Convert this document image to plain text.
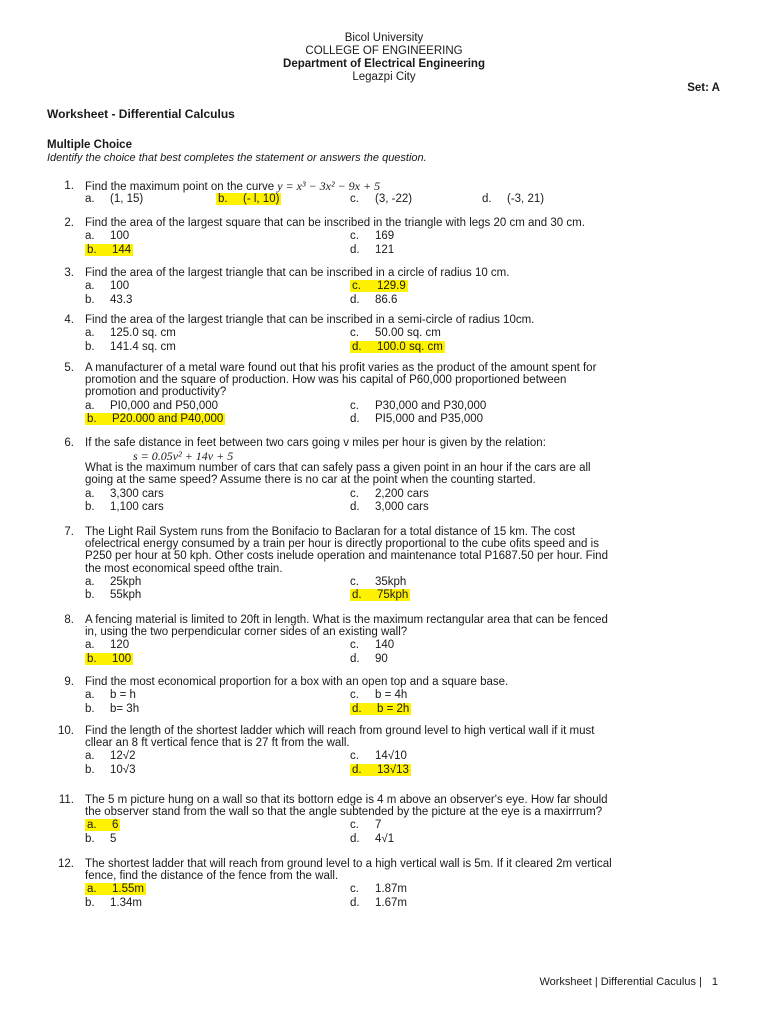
Bicol University
COLLEGE OF ENGINEERING
Department of Electrical Engineering
Legazpi City
Set: A
Worksheet - Differential Calculus
Multiple Choice
Identify the choice that best completes the statement or answers the question.
1. Find the maximum point on the curve y = x³ − 3x² − 9x + 5
a. (1, 15)	b. (- l, 10)	c. (3, -22)	d. (-3, 21)
2. Find the area of the largest square that can be inscribed in the triangle with legs 20 cm and 30 cm.
a. 100	c. 169
b. 144	d. 121
3. Find the area of the largest triangle that can be inscribed in a circle of radius 10 cm.
a. 100	c. 129.9
b. 43.3	d. 86.6
4. Find the area of the largest triangle that can be inscribed in a semi-circle of radius 10cm.
a. 125.0 sq. cm	c. 50.00 sq. cm
b. 141.4 sq. cm	d. 100.0 sq. cm
5. A manufacturer of a metal ware found out that his profit varies as the product of the amount spent for
promotion and the square of production. How was his capital of P60,000 proportioned between
promotion and productivity?
a. PI0,000 and P50,000	c. P30,000 and P30,000
b. P20.000 and P40,000	d. PI5,000 and P35,000
6. If the safe distance in feet between two cars going v miles per hour is given by the relation:
s = 0.05v² + 14v + 5
What is the maximum number of cars that can safely pass a given point in an hour if the cars are all
going at the same speed? Assume there is no car at the point when the counting started.
a. 3,300 cars	c. 2,200 cars
b. 1,100 cars	d. 3,000 cars
7. The Light Rail System runs from the Bonifacio to Baclaran for a total distance of 15 km. The cost
ofelectrical energy consumed by a train per hour is directly proportional to the cube ofits speed and is
P250 per hour at 50 kph. Other costs inelude operation and maintenance total P1687.50 per hour. Find
the most economical speed ofthe train.
a. 25kph	c. 35kph
b. 55kph	d. 75kph
8. A fencing material is limited to 20ft in length. What is the maximum rectangular area that can be fenced
in, using the two perpendicular corner sides of an existing wall?
a. 120	c. 140
b. 100	d. 90
9. Find the most economical proportion for a box with an open top and a square base.
a. b = h	c. b = 4h
b. b= 3h	d. b = 2h
10. Find the length of the shortest ladder which will reach from ground level to high vertical wall if it must
cllear an 8 ft vertical fence that is 27 ft from the wall.
a. 12√2	c. 14√10
b. 10√3	d. 13√13
11. The 5 m picture hung on a wall so that its bottorn edge is 4 m above an observer's eye. How far should
the observer stand from the wall so that the angle subtended by the picture at the eye is a maxirrrum?
a. 6	c. 7
b. 5	d. 4√1
12. The shortest ladder that will reach from ground level to a high vertical wall is 5m. If it cleared 2m vertical
fence, find the distance of the fence from the wall.
a. 1.55m	c. 1.87m
b. 1.34m	d. 1.67m
Worksheet | Differential Caculus | 1
